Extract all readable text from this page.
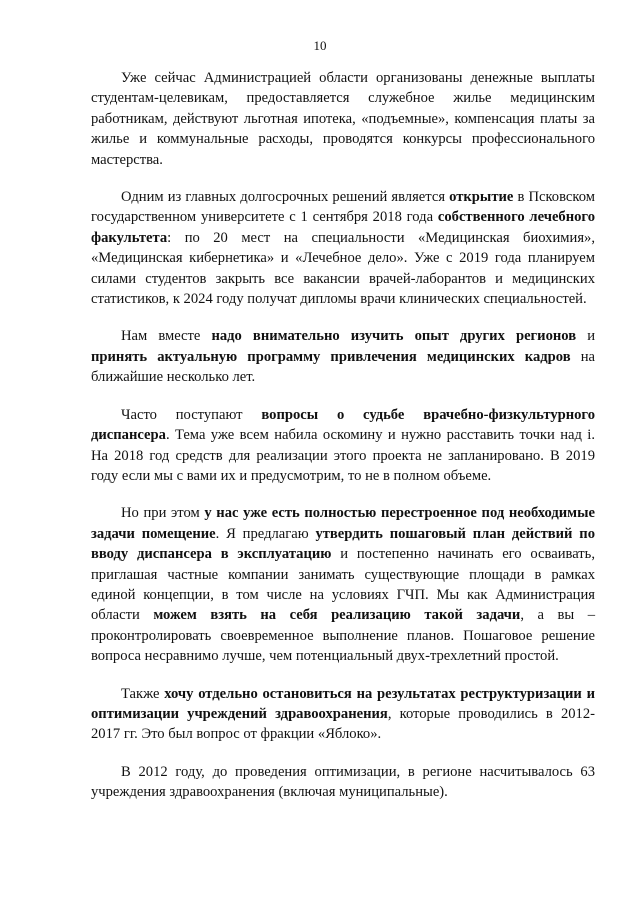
10

Уже сейчас Администрацией области организованы денежные выплаты студентам-целевикам, предоставляется служебное жилье медицинским работникам, действуют льготная ипотека, «подъемные», компенсация платы за жилье и коммунальные расходы, проводятся конкурсы профессионального мастерства.

Одним из главных долгосрочных решений является открытие в Псковском государственном университете с 1 сентября 2018 года собственного лечебного факультета: по 20 мест на специальности «Медицинская биохимия», «Медицинская кибернетика» и «Лечебное дело». Уже с 2019 года планируем силами студентов закрыть все вакансии врачей-лаборантов и медицинских статистиков, к 2024 году получат дипломы врачи клинических специальностей.

Нам вместе надо внимательно изучить опыт других регионов и принять актуальную программу привлечения медицинских кадров на ближайшие несколько лет.

Часто поступают вопросы о судьбе врачебно-физкультурного диспансера. Тема уже всем набила оскомину и нужно расставить точки над i. На 2018 год средств для реализации этого проекта не запланировано. В 2019 году если мы с вами их и предусмотрим, то не в полном объеме.

Но при этом у нас уже есть полностью перестроенное под необходимые задачи помещение. Я предлагаю утвердить пошаговый план действий по вводу диспансера в эксплуатацию и постепенно начинать его осваивать, приглашая частные компании занимать существующие площади в рамках единой концепции, в том числе на условиях ГЧП. Мы как Администрация области можем взять на себя реализацию такой задачи, а вы – проконтролировать своевременное выполнение планов. Пошаговое решение вопроса несравнимо лучше, чем потенциальный двух-трехлетний простой.

Также хочу отдельно остановиться на результатах реструктуризации и оптимизации учреждений здравоохранения, которые проводились в 2012-2017 гг. Это был вопрос от фракции «Яблоко».

В 2012 году, до проведения оптимизации, в регионе насчитывалось 63 учреждения здравоохранения (включая муниципальные).
